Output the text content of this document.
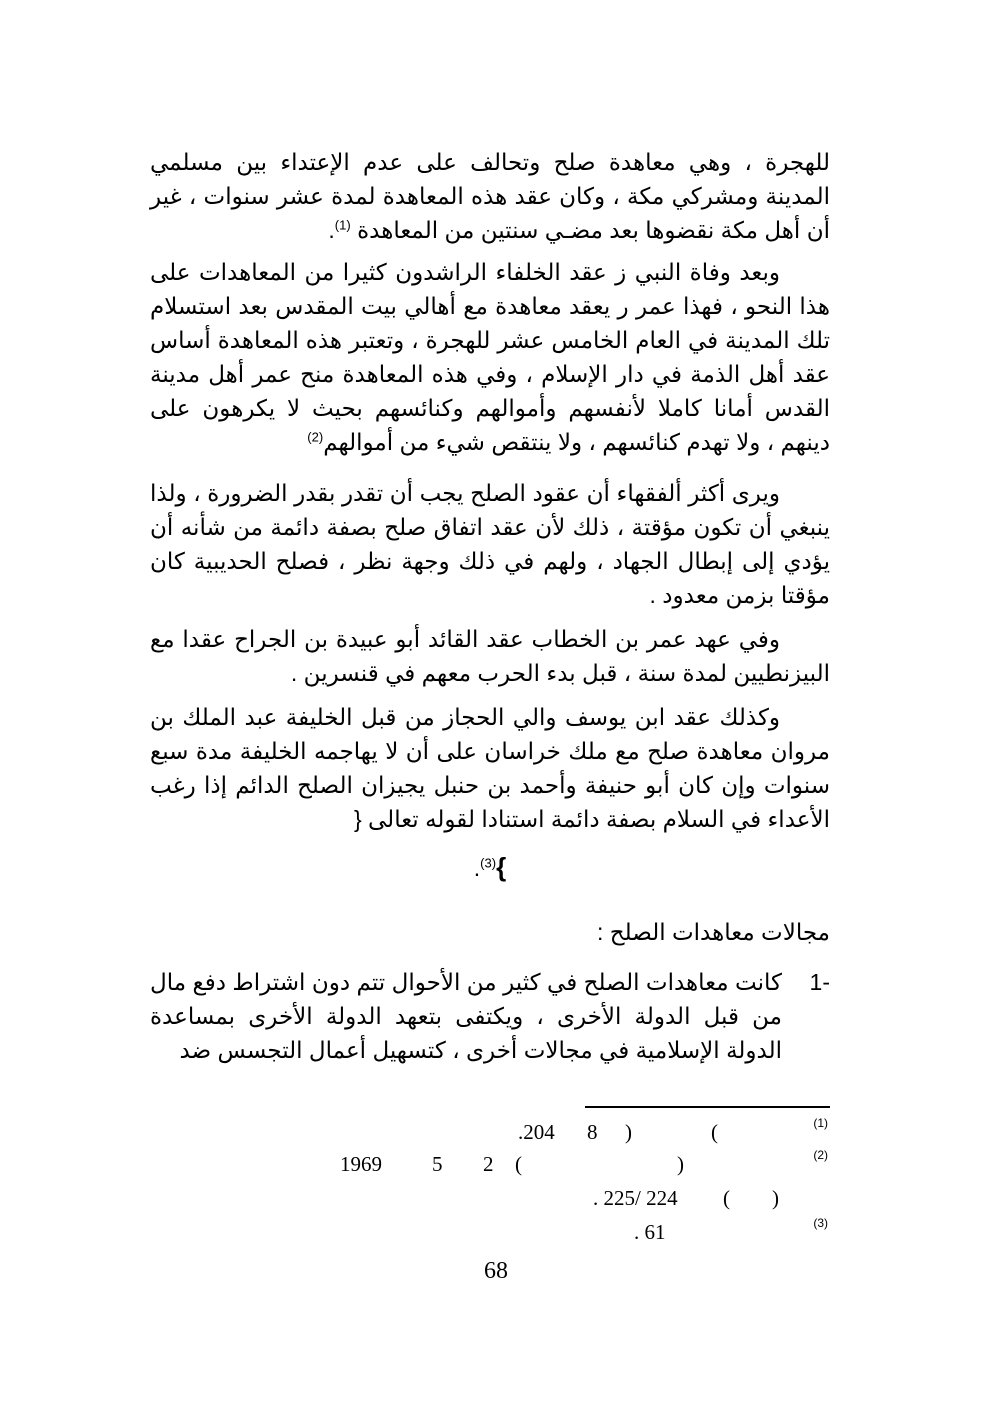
للهجرة ، وهي معاهدة صلح وتحالف على عدم الإعتداء بين مسلمي المدينة ومشركي مكة ، وكان عقد هذه المعاهدة لمدة عشر سنوات ، غير أن أهل مكة نقضوها بعد مضـي سنتين من المعاهدة $^{(1)}$.

وبعد وفاة النبي ز عقد الخلفاء الراشدون كثيرا من المعاهدات على هذا النحو ، فهذا عمر ر يعقد معاهدة مع أهالي بيت المقدس بعد استسلام تلك المدينة في العام الخامس عشر للهجرة ، وتعتبر هذه المعاهدة أساس عقد أهل الذمة في دار الإسلام ، وفي هذه المعاهدة منح عمر أهل مدينة القدس أمانا كاملا لأنفسهم وأموالهم وكنائسهم بحيث لا يكرهون على دينهم ، ولا تهدم كنائسهم ، ولا ينتقص شيء من أموالهم$^{(2)}$

ويرى أكثر ألفقهاء أن عقود الصلح يجب أن تقدر بقدر الضرورة ، ولذا ينبغي أن تكون مؤقتة ، ذلك لأن عقد اتفاق صلح بصفة دائمة من شأنه أن يؤدي إلى إبطال الجهاد ، ولهم في ذلك وجهة نظر ، فصلح الحديبية كان مؤقتا بزمن معدود .

وفي عهد عمر بن الخطاب عقد القائد أبو عبيدة بن الجراح عقدا مع البيزنطيين لمدة سنة ، قبل بدء الحرب معهم في قنسرين .

وكذلك عقد ابن يوسف والي الحجاز من قبل الخليفة عبد الملك بن مروان معاهدة صلح مع ملك خراسان على أن لا يهاجمه الخليفة مدة سبع سنوات وإن كان أبو حنيفة وأحمد بن حنبل يجيزان الصلح الدائم إذا رغب الأعداء في السلام بصفة دائمة استنادا لقوله تعالى {

}$^{(3)}$.

مجالات معاهدات الصلح :

-1
كانت معاهدات الصلح في كثير من الأحوال تتم دون اشتراط دفع مال من قبل الدولة الأخرى ، ويكتفى بتعهد الدولة الأخرى بمساعدة الدولة الإسلامية في مجالات أخرى ، كتسهيل أعمال التجسس ضد
(1)
(
)
8
.204
(2)
)
(
2
5
1969
)
(
. 225/ 224
(3)
. 61
68
